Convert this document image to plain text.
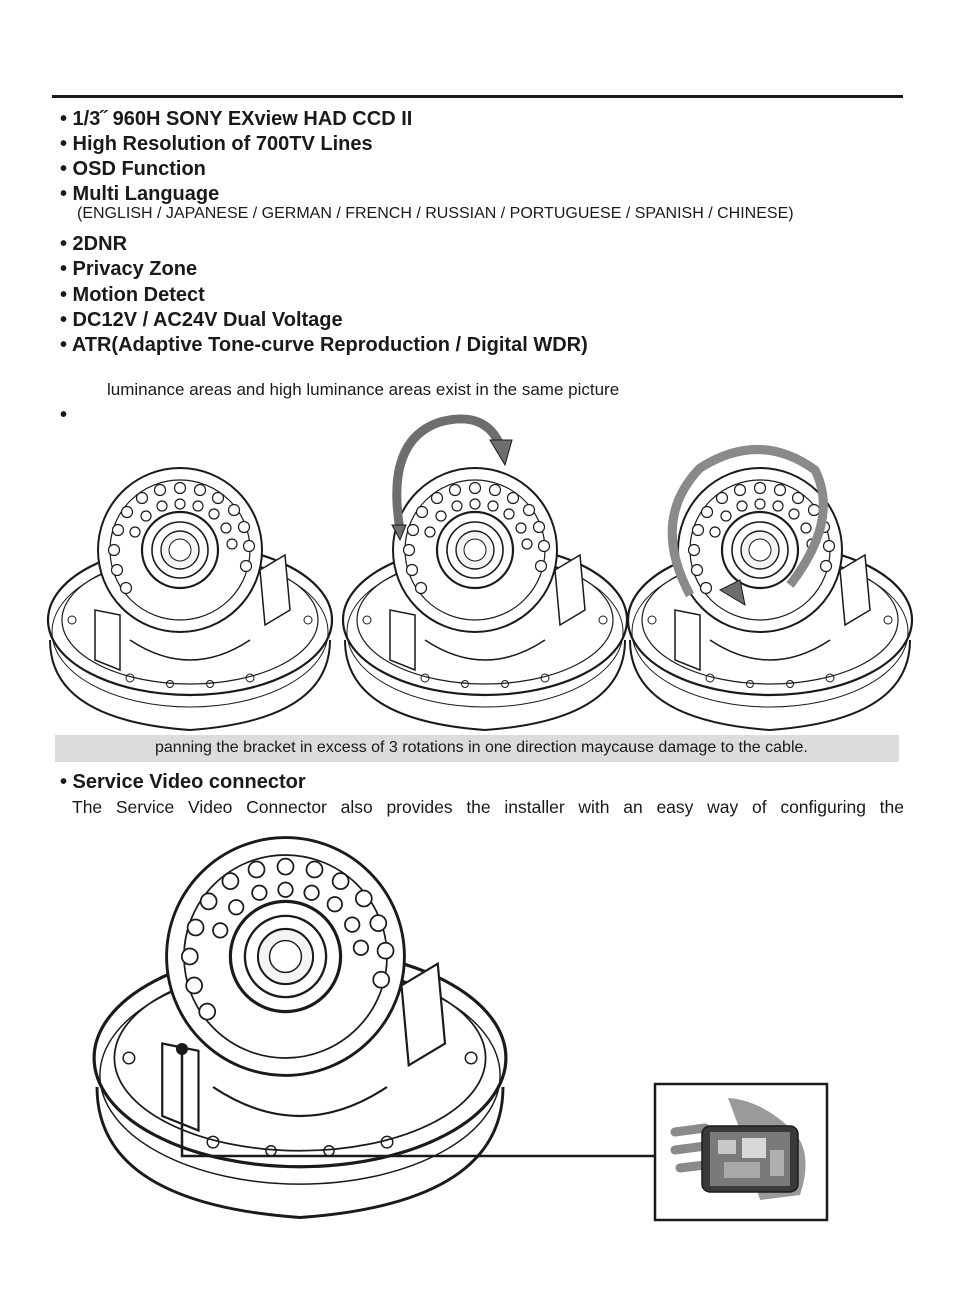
• 1/3˝ 960H SONY EXview HAD CCD II
• High Resolution of 700TV Lines
• OSD Function
• Multi Language
(ENGLISH / JAPANESE / GERMAN / FRENCH / RUSSIAN / PORTUGUESE / SPANISH / CHINESE)
• 2DNR
• Privacy Zone
• Motion Detect
• DC12V / AC24V Dual Voltage
• ATR(Adaptive Tone-curve Reproduction / Digital WDR)
luminance areas and high luminance areas exist in the same picture
•
panning the bracket in excess of 3 rotations in one direction maycause damage to the cable.
• Service Video connector
The Service Video Connector also provides the installer with an easy way of configuring the
